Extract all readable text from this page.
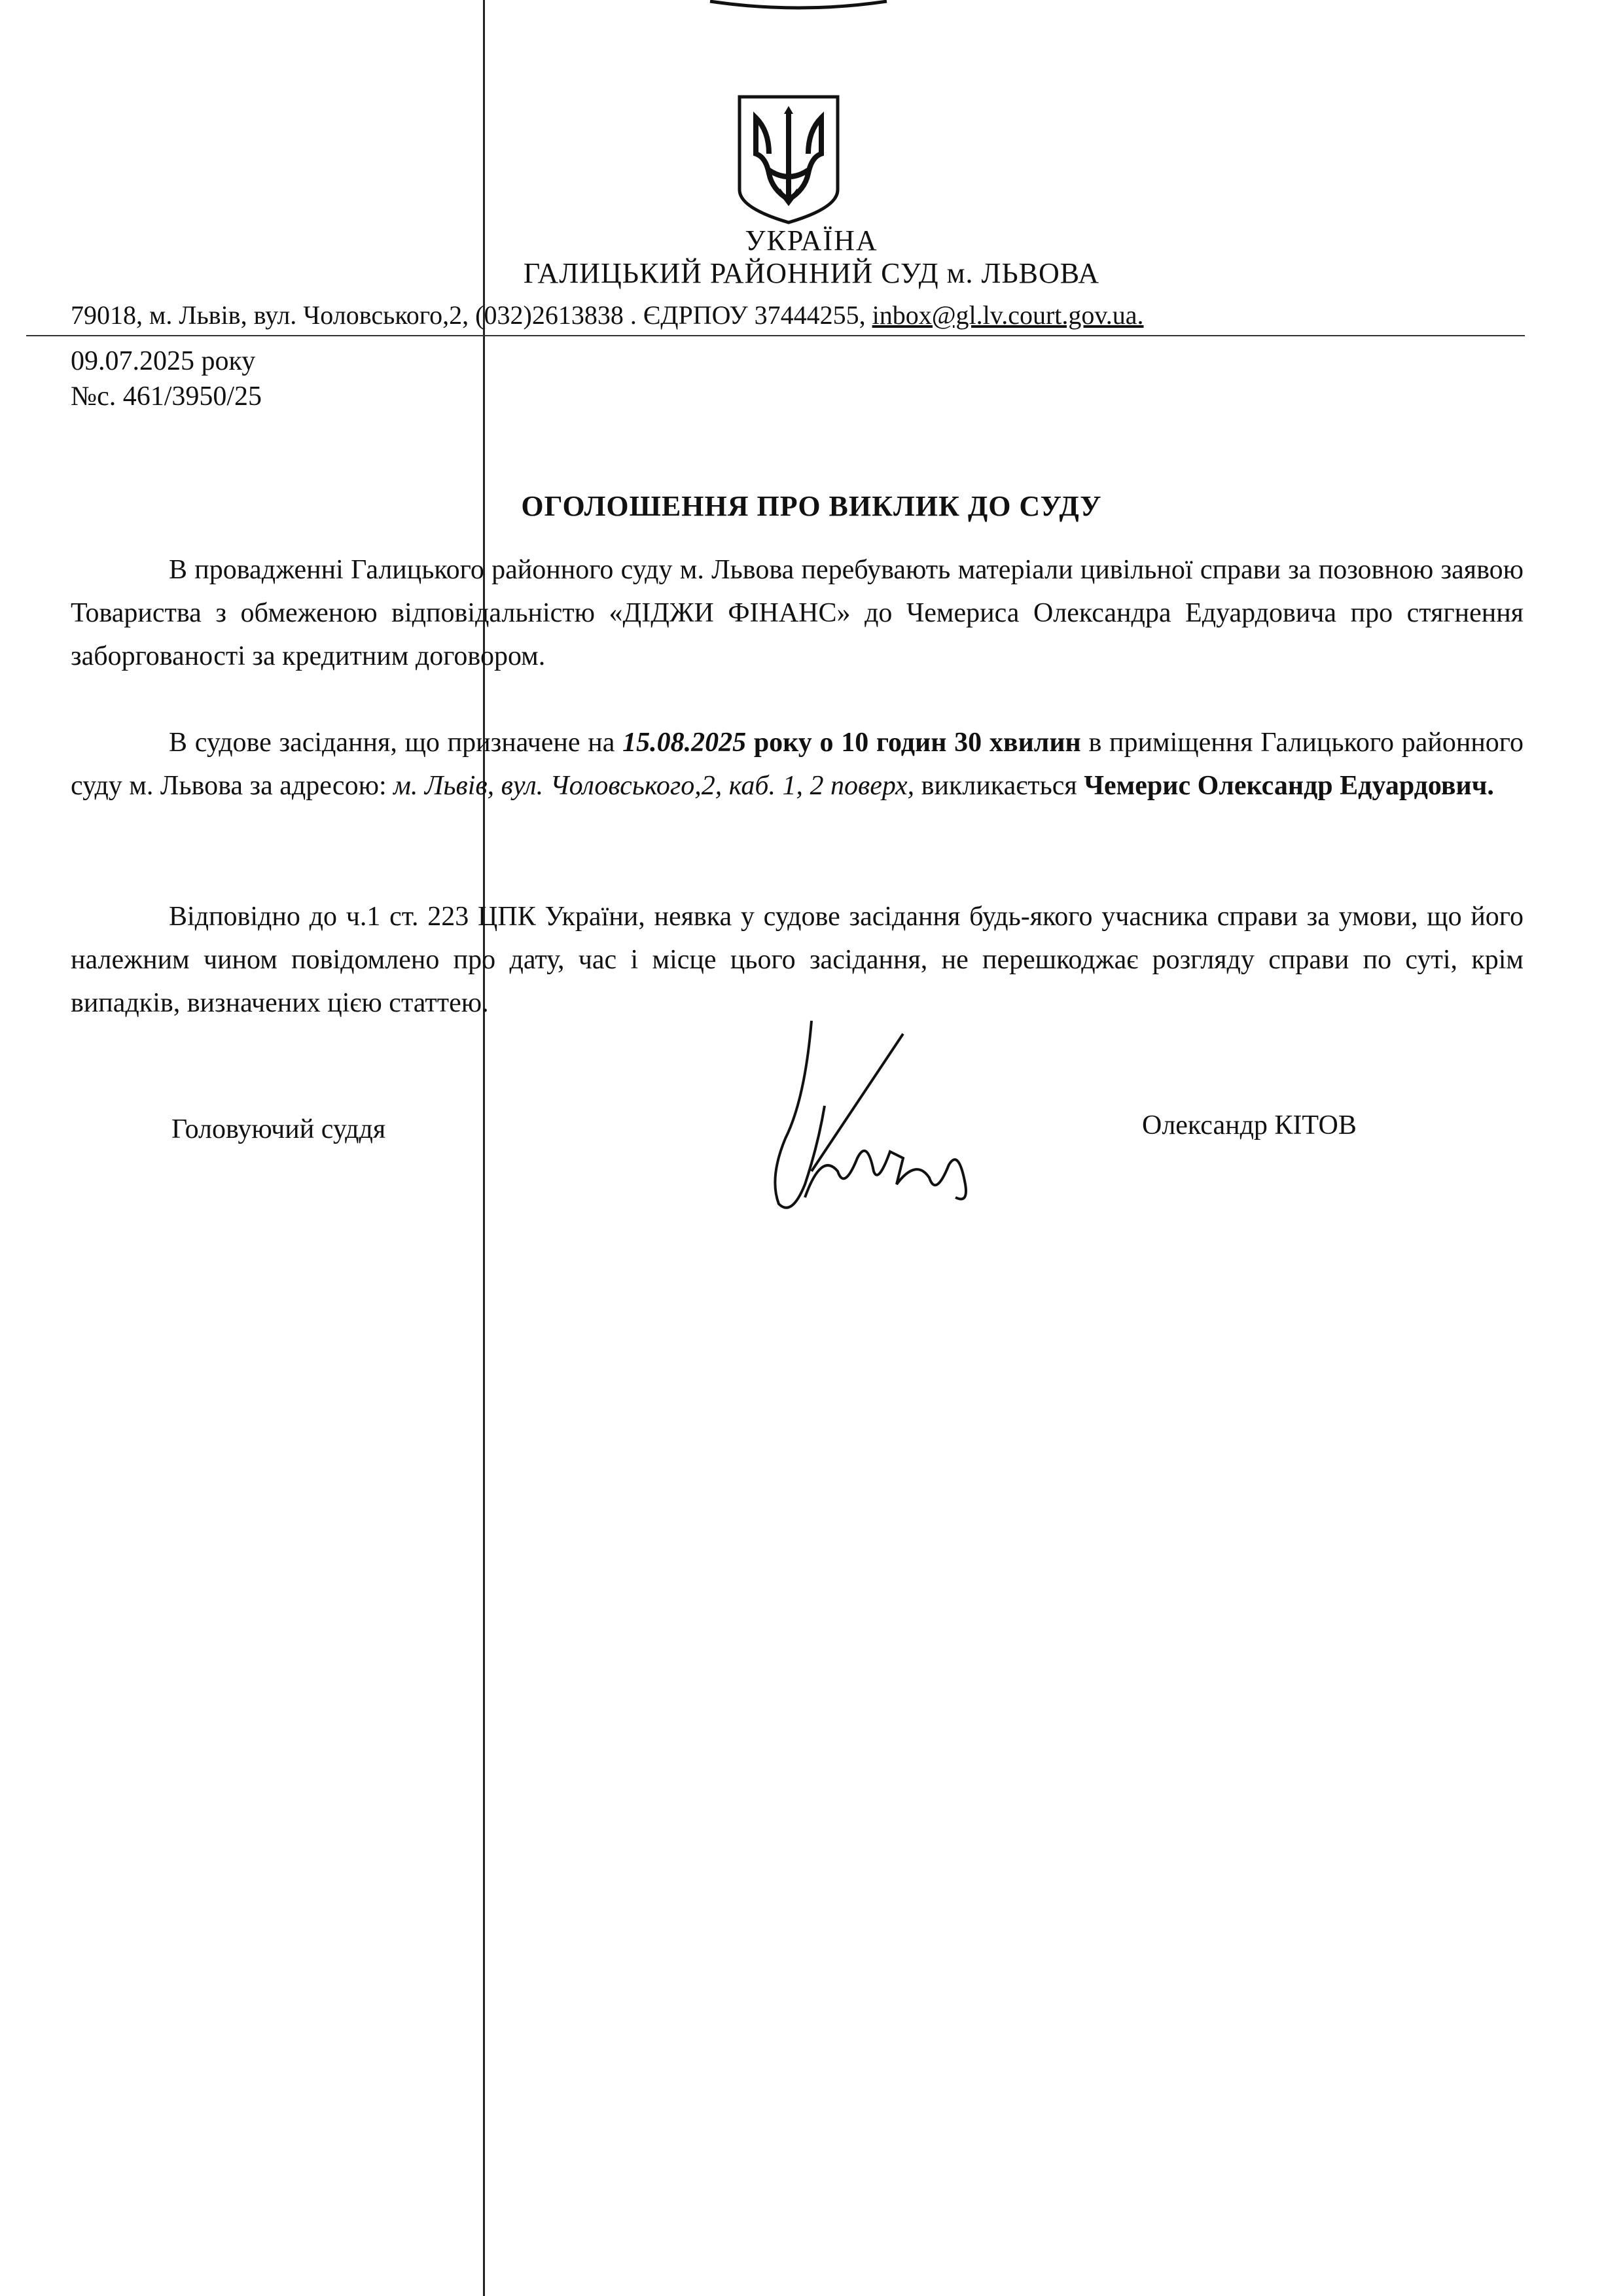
УКРАЇНА
ГАЛИЦЬКИЙ РАЙОННИЙ СУД м. ЛЬВОВА
79018, м. Львів, вул. Чоловського,2, (032)2613838 . ЄДРПОУ 37444255, inbox@gl.lv.court.gov.ua.
09.07.2025 року
№с. 461/3950/25
ОГОЛОШЕННЯ ПРО ВИКЛИК ДО СУДУ
В провадженні Галицького районного суду м. Львова перебувають матеріали цивільної справи за позовною заявою Товариства з обмеженою відповідальністю «ДІДЖИ ФІНАНС» до Чемериса Олександра Едуардовича про стягнення заборгованості за кредитним договором.
В судове засідання, що призначене на 15.08.2025 року о 10 годин 30 хвилин в приміщення Галицького районного суду м. Львова за адресою: м. Львів, вул. Чоловського,2, каб. 1, 2 поверх, викликається Чемерис Олександр Едуардович.
Відповідно до ч.1 ст. 223 ЦПК України, неявка у судове засідання будь-якого учасника справи за умови, що його належним чином повідомлено про дату, час і місце цього засідання, не перешкоджає розгляду справи по суті, крім випадків, визначених цією статтею.
Головуючий суддя	Олександр КІТОВ
